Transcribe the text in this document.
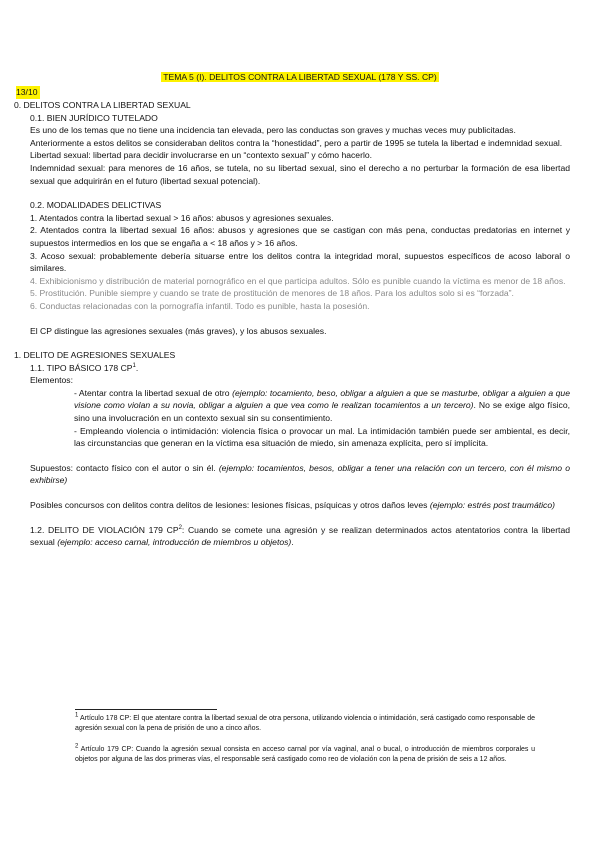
TEMA 5 (I). DELITOS CONTRA LA LIBERTAD SEXUAL (178 Y SS. CP)
13/10
0. DELITOS CONTRA LA LIBERTAD SEXUAL
0.1. BIEN JURÍDICO TUTELADO
Es uno de los temas que no tiene una incidencia tan elevada, pero las conductas son graves y muchas veces muy publicitadas.
Anteriormente a estos delitos se consideraban delitos contra la “honestidad”, pero a partir de 1995 se tutela la libertad e indemnidad sexual.
Libertad sexual: libertad para decidir involucrarse en un “contexto sexual” y cómo hacerlo.
Indemnidad sexual: para menores de 16 años, se tutela, no su libertad sexual, sino el derecho a no perturbar la formación de esa libertad sexual que adquirirán en el futuro (libertad sexual potencial).
0.2. MODALIDADES DELICTIVAS
1. Atentados contra la libertad sexual > 16 años: abusos y agresiones sexuales.
2. Atentados contra la libertad sexual 16 años: abusos y agresiones que se castigan con más pena, conductas predatorias en internet y supuestos intermedios en los que se engaña a < 18 años y > 16 años.
3. Acoso sexual: probablemente debería situarse entre los delitos contra la integridad moral, supuestos específicos de acoso laboral o similares.
4. Exhibicionismo y distribución de material pornográfico en el que participa adultos. Sólo es punible cuando la víctima es menor de 18 años.
5. Prostitución. Punible siempre y cuando se trate de prostitución de menores de 18 años. Para los adultos solo si es “forzada”.
6. Conductas relacionadas con la pornografía infantil. Todo es punible, hasta la posesión.
El CP distingue las agresiones sexuales (más graves), y los abusos sexuales.
1. DELITO DE AGRESIONES SEXUALES
1.1. TIPO BÁSICO 178 $CP^1$.
Elementos:
- Atentar contra la libertad sexual de otro (ejemplo: tocamiento, beso, obligar a alguien a que se masturbe, obligar a alguien a que visione como violan a su novia, obligar a alguien a que vea como le realizan tocamientos a un tercero). No se exige algo físico, sino una involucración en un contexto sexual sin su consentimiento.
- Empleando violencia o intimidación: violencia física o provocar un mal. La intimidación también puede ser ambiental, es decir, las circunstancias que generan en la víctima esa situación de miedo, sin amenaza explícita, pero sí implícita.
Supuestos: contacto físico con el autor o sin él. (ejemplo: tocamientos, besos, obligar a tener una relación con un tercero, con él mismo o exhibirse)
Posibles concursos con delitos contra delitos de lesiones: lesiones físicas, psíquicas y otros daños leves (ejemplo: estrés post traumático)
1.2. DELITO DE VIOLACIÓN 179 $CP^2$: Cuando se comete una agresión y se realizan determinados actos atentatorios contra la libertad sexual (ejemplo: acceso carnal, introducción de miembros u objetos).
$^1$ Artículo 178 CP: El que atentare contra la libertad sexual de otra persona, utilizando violencia o intimidación, será castigado como responsable de agresión sexual con la pena de prisión de uno a cinco años.
$^2$ Artículo 179 CP: Cuando la agresión sexual consista en acceso carnal por vía vaginal, anal o bucal, o introducción de miembros corporales u objetos por alguna de las dos primeras vías, el responsable será castigado como reo de violación con la pena de prisión de seis a 12 años.
